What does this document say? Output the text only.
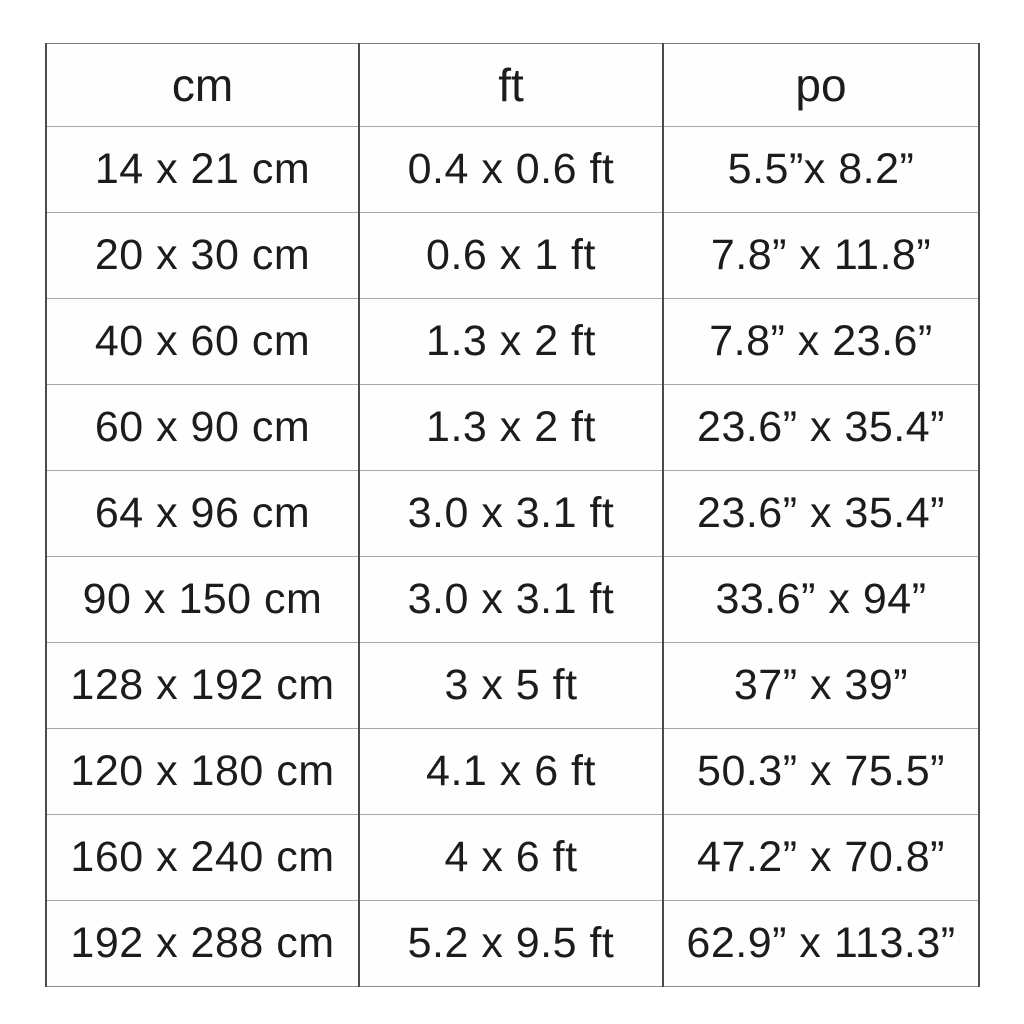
cm	ft	po
14 x 21 cm	0.4 x 0.6 ft	5.5”x 8.2”
20 x 30 cm	0.6 x 1 ft	7.8” x 11.8”
40 x 60 cm	1.3 x 2 ft	7.8” x 23.6”
60 x 90 cm	1.3 x 2 ft	23.6” x 35.4”
64 x 96 cm	3.0 x 3.1 ft	23.6” x 35.4”
90 x 150 cm	3.0 x 3.1 ft	33.6” x 94”
128 x 192 cm	3 x 5 ft	37” x 39”
120 x 180 cm	4.1 x 6 ft	50.3” x 75.5”
160 x 240 cm	4 x 6 ft	47.2” x 70.8”
192 x 288 cm	5.2 x 9.5 ft	62.9” x 113.3”
